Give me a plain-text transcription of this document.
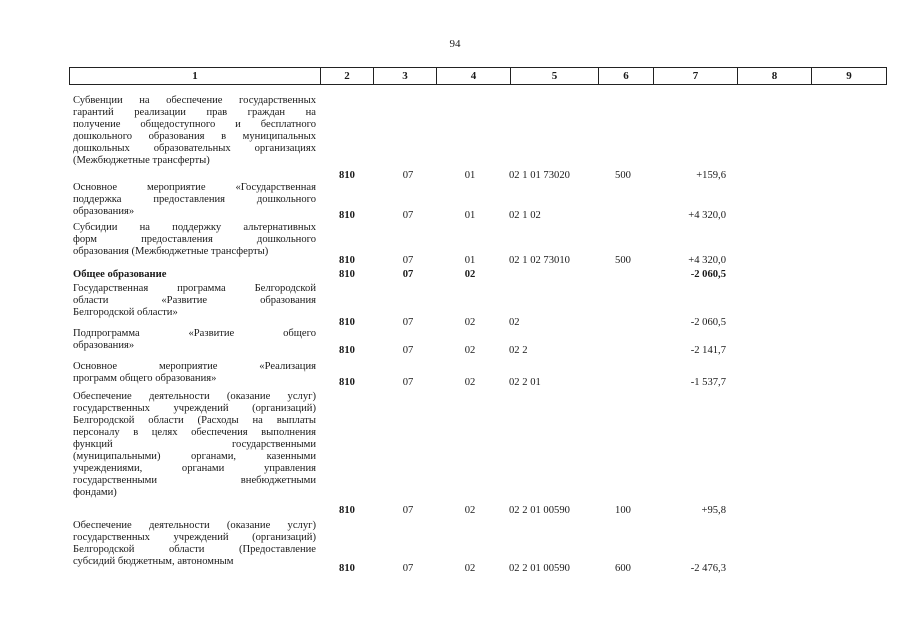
94
1	2	3	4	5	6	7	8	9
Субвенции на обеспечение государственных
гарантий реализации прав граждан на
получение общедоступного и бесплатного
дошкольного образования в муниципальных
дошкольных образовательных организациях
(Межбюджетные трансферты)
810	07	01	02 1 01 73020	500	+159,6
Основное мероприятие «Государственная
поддержка предоставления дошкольного
образования»	810	07	01	02 1 02	+4 320,0
Субсидии на поддержку альтернативных
форм предоставления дошкольного
образования (Межбюджетные трансферты)
810	07	01	02 1 02 73010	500	+4 320,0
Общее образование	810	07	02	-2 060,5
Государственная программа Белгородской
области «Развитие образования
Белгородской области»
810	07	02	02	-2 060,5
Подпрограмма «Развитие общего
образования»	810	07	02	02 2	-2 141,7
Основное мероприятие «Реализация
программ общего образования»	810	07	02	02 2 01	-1 537,7
Обеспечение деятельности (оказание услуг)
государственных учреждений (организаций)
Белгородской области (Расходы на выплаты
персоналу в целях обеспечения выполнения
функций государственными
(муниципальными) органами, казенными
учреждениями, органами управления
государственными внебюджетными
фондами)
810	07	02	02 2 01 00590	100	+95,8
Обеспечение деятельности (оказание услуг)
государственных учреждений (организаций)
Белгородской области (Предоставление
субсидий бюджетным, автономным
810	07	02	02 2 01 00590	600	-2 476,3
